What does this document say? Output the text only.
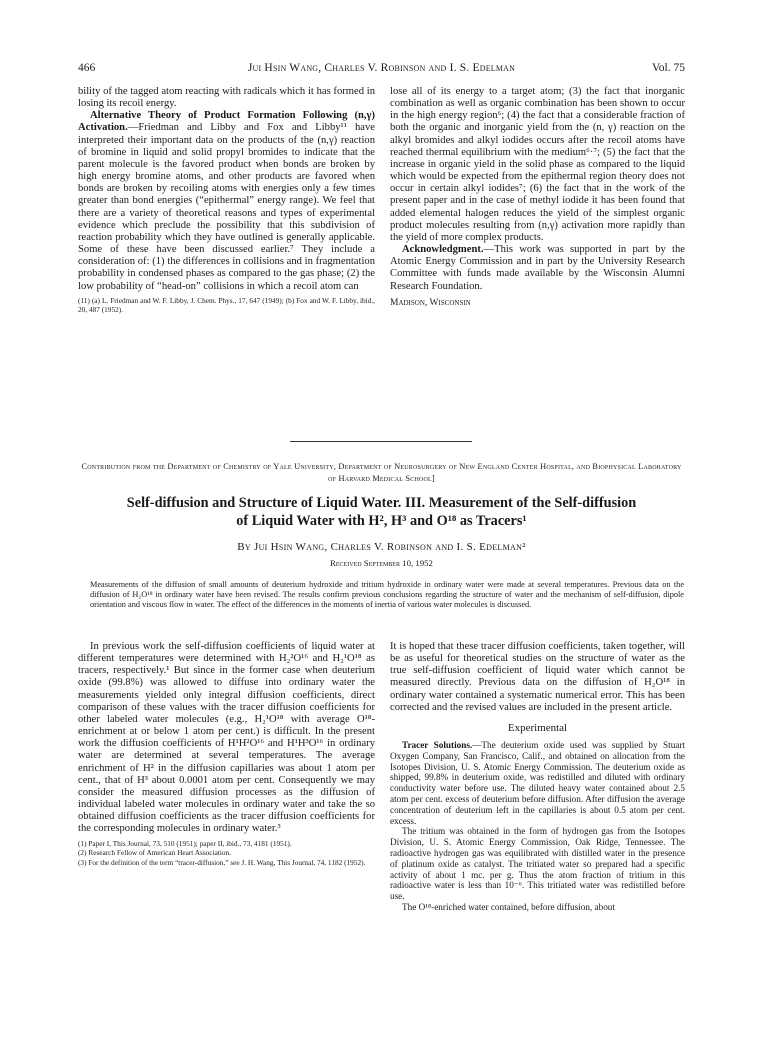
466	Jui Hsin Wang, Charles V. Robinson and I. S. Edelman	Vol. 75

bility of the tagged atom reacting with radicals which it has formed in losing its recoil energy.

Alternative Theory of Product Formation Following (n,γ) Activation.—Friedman and Libby and Fox and Libby¹¹ have interpreted their important data on the products of the (n,γ) reaction of bromine in liquid and solid propyl bromides to indicate that the parent molecule is the favored product when bonds are broken by high energy bromine atoms, and other products are favored when bonds are broken by recoiling atoms with energies only a few times greater than bond energies (“epithermal” energy range). We feel that there are a variety of theoretical reasons and types of experimental evidence which preclude the possibility that this subdivision of reaction probability which they have outlined is generally applicable. Some of these have been discussed earlier.⁷ They include a consideration of: (1) the differences in collisions and in fragmentation probability in condensed phases as compared to the gas phase; (2) the low probability of “head-on” collisions in which a recoil atom can

(11) (a) L. Friedman and W. F. Libby, J. Chem. Phys., 17, 647 (1949); (b) Fox and W. F. Libby, ibid., 20, 487 (1952).

lose all of its energy to a target atom; (3) the fact that inorganic combination as well as organic combination has been shown to occur in the high energy region⁶; (4) the fact that a considerable fraction of both the organic and inorganic yield from the (n, γ) reaction on the alkyl bromides and alkyl iodides occurs after the recoil atoms have reached thermal equilibrium with the medium⁶·⁷; (5) the fact that the increase in organic yield in the solid phase as compared to the liquid which would be expected from the epithermal region theory does not occur in certain alkyl iodides⁷; (6) the fact that in the work of the present paper and in the case of methyl iodide it has been found that added elemental halogen reduces the yield of the simplest organic product molecules resulting from (n,γ) activation more rapidly than the yield of more complex products.

Acknowledgment.—This work was supported in part by the Atomic Energy Commission and in part by the University Research Committee with funds made available by the Wisconsin Alumni Research Foundation.

Madison, Wisconsin

Contribution from the Department of Chemistry of Yale University, Department of Neurosurgery of New England Center Hospital, and Biophysical Laboratory of Harvard Medical School]
Self-diffusion and Structure of Liquid Water. III. Measurement of the Self-diffusion
of Liquid Water with H², H³ and O¹⁸ as Tracers¹
By Jui Hsin Wang, Charles V. Robinson and I. S. Edelman²
Received September 10, 1952
Measurements of the diffusion of small amounts of deuterium hydroxide and tritium hydroxide in ordinary water were made at several temperatures. Previous data on the diffusion of H₂O¹⁸ in ordinary water have been revised. The results confirm previous conclusions regarding the structure of water and the mechanism of self-diffusion, dipole orientation and viscous flow in water. The effect of the differences in the moments of inertia of various water molecules is discussed.

In previous work the self-diffusion coefficients of liquid water at different temperatures were determined with H₂²O¹⁶ and H₂¹O¹⁸ as tracers, respectively.¹ But since in the former case when deuterium oxide (99.8%) was allowed to diffuse into ordinary water the measurements yielded only integral diffusion coefficients, direct comparison of these values with the tracer diffusion coefficients for other labeled water molecules (e.g., H₂¹O¹⁸ with average O¹⁸-enrichment at or below 1 atom per cent.) is difficult. In the present work the diffusion coefficients of H¹H²O¹⁶ and H¹H³O¹⁶ in ordinary water are determined at several temperatures. The average enrichment of H² in the diffusion capillaries was about 1 atom per cent., that of H³ about 0.0001 atom per cent. Consequently we may consider the measured diffusion processes as the diffusion of individual labeled water molecules in ordinary water and take the so obtained diffusion coefficients as the tracer diffusion coefficients for the corresponding molecules in ordinary water.³

(1) Paper I, This Journal, 73, 510 (1951); paper II, ibid., 73, 4181 (1951).

(2) Research Fellow of American Heart Association.

(3) For the definition of the term “tracer-diffusion,” see J. H. Wang, This Journal, 74, 1182 (1952).

It is hoped that these tracer diffusion coefficients, taken together, will be as useful for theoretical studies on the structure of water as the true self-diffusion coefficient of liquid water which cannot be measured directly. Previous data on the diffusion of H₂O¹⁸ in ordinary water contained a systematic numerical error. This has been corrected and the revised values are included in the present article.

Experimental

Tracer Solutions.—The deuterium oxide used was supplied by Stuart Oxygen Company, San Francisco, Calif., and obtained on allocation from the Isotopes Division, U. S. Atomic Energy Commission. The deuterium oxide as shipped, 99.8% in deuterium oxide, was redistilled and diluted with ordinary conductivity water before use. The diluted heavy water contained about 2.5 atom per cent. excess of deuterium before diffusion. After diffusion the average concentration of deuterium left in the capillaries is about 0.5 atom per cent. excess.

The tritium was obtained in the form of hydrogen gas from the Isotopes Division, U. S. Atomic Energy Commission, Oak Ridge, Tennessee. The radioactive hydrogen gas was equilibrated with distilled water in the presence of platinum oxide as catalyst. The tritiated water so prepared had a specific activity of about 1 mc. per g. Thus the atom fraction of tritium in this radioactive water is less than 10⁻⁶. This tritiated water was redistilled before use.

The O¹⁸-enriched water contained, before diffusion, about
